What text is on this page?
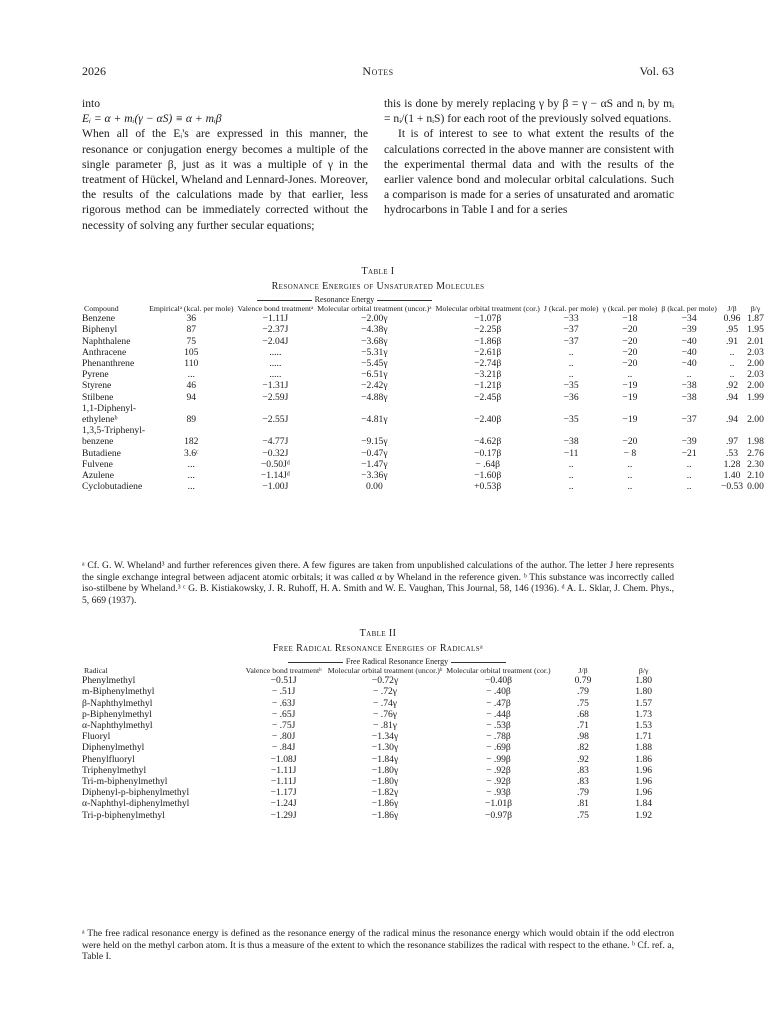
2026	Notes	Vol. 63

into

Eᵢ = α + mᵢ(γ − αS) ≡ α + mᵢβ

When all of the Eᵢ's are expressed in this manner, the resonance or conjugation energy becomes a multiple of the single parameter β, just as it was a multiple of γ in the treatment of Hückel, Wheland and Lennard-Jones. Moreover, the results of the calculations made by that earlier, less rigorous method can be immediately corrected without the necessity of solving any further secular equations;

this is done by merely replacing γ by β = γ − αS and nᵢ by mᵢ = nᵢ/(1 + nᵢS) for each root of the previously solved equations.

It is of interest to see to what extent the results of the calculations corrected in the above manner are consistent with the experimental thermal data and with the results of the earlier valence bond and molecular orbital calculations. Such a comparison is made for a series of unsaturated and aromatic hydrocarbons in Table I and for a series

Table I
Resonance Energies of Unsaturated Molecules
	Resonance Energy								
Compound	Empiricalᵃ (kcal. per mole)	Valence bond treatmentᵃ	Molecular orbital treatment (uncor.)ᵃ	Molecular orbital treatment (cor.)	J (kcal. per mole)	γ (kcal. per mole)	β (kcal. per mole)	J/β	β/γ
Benzene	36	−1.11J	−2.00γ	−1.07β	−33	−18	−34	0.96	1.87
Biphenyl	87	−2.37J	−4.38γ	−2.25β	−37	−20	−39	.95	1.95
Naphthalene	75	−2.04J	−3.68γ	−1.86β	−37	−20	−40	.91	2.01
Anthracene	105	.....	−5.31γ	−2.61β	..	−20	−40	..	2.03
Phenanthrene	110	.....	−5.45γ	−2.74β	..	−20	−40	..	2.00
Pyrene	...	.....	−6.51γ	−3.21β	..	..	..	..	2.03
Styrene	46	−1.31J	−2.42γ	−1.21β	−35	−19	−38	.92	2.00
Stilbene	94	−2.59J	−4.88γ	−2.45β	−36	−19	−38	.94	1.99
1,1-Diphenyl-									
ethyleneᵇ	89	−2.55J	−4.81γ	−2.40β	−35	−19	−37	.94	2.00
1,3,5-Triphenyl-									
benzene	182	−4.77J	−9.15γ	−4.62β	−38	−20	−39	.97	1.98
Butadiene	3.6ᶜ	−0.32J	−0.47γ	−0.17β	−11	− 8	−21	.53	2.76
Fulvene	...	−0.50Jᵈ	−1.47γ	− .64β	..	..	..	1.28	2.30
Azulene	...	−1.14Jᵈ	−3.36γ	−1.60β	..	..	..	1.40	2.10
Cyclobutadiene	...	−1.00J	0.00	+0.53β	..	..	..	−0.53	0.00
ᵃ Cf. G. W. Wheland³ and further references given there. A few figures are taken from unpublished calculations of the author. The letter J here represents the single exchange integral between adjacent atomic orbitals; it was called α by Wheland in the reference given. ᵇ This substance was incorrectly called iso-stilbene by Wheland.³ ᶜ G. B. Kistiakowsky, J. R. Ruhoff, H. A. Smith and W. E. Vaughan, This Journal, 58, 146 (1936). ᵈ A. L. Sklar, J. Chem. Phys., 5, 669 (1937).
Table II
Free Radical Resonance Energies of Radicalsᵃ
	Free Radical Resonance Energy				
Radical	Valence bond treatmentᵇ	Molecular orbital treatment (uncor.)ᵇ	Molecular orbital treatment (cor.)	J/β	β/γ
Phenylmethyl	−0.51J	−0.72γ	−0.40β	0.79	1.80
m-Biphenylmethyl	− .51J	− .72γ	− .40β	.79	1.80
β-Naphthylmethyl	− .63J	− .74γ	− .47β	.75	1.57
p-Biphenylmethyl	− .65J	− .76γ	− .44β	.68	1.73
α-Naphthylmethyl	− .75J	− .81γ	− .53β	.71	1.53
Fluoryl	− .80J	−1.34γ	− .78β	.98	1.71
Diphenylmethyl	− .84J	−1.30γ	− .69β	.82	1.88
Phenylfluoryl	−1.08J	−1.84γ	− .99β	.92	1.86
Triphenylmethyl	−1.11J	−1.80γ	− .92β	.83	1.96
Tri-m-biphenylmethyl	−1.11J	−1.80γ	− .92β	.83	1.96
Diphenyl-p-biphenylmethyl	−1.17J	−1.82γ	− .93β	.79	1.96
α-Naphthyl-diphenylmethyl	−1.24J	−1.86γ	−1.01β	.81	1.84
Tri-p-biphenylmethyl	−1.29J	−1.86γ	−0.97β	.75	1.92
ᵃ The free radical resonance energy is defined as the resonance energy of the radical minus the resonance energy which would obtain if the odd electron were held on the methyl carbon atom. It is thus a measure of the extent to which the resonance stabilizes the radical with respect to the ethane. ᵇ Cf. ref. a, Table I.
